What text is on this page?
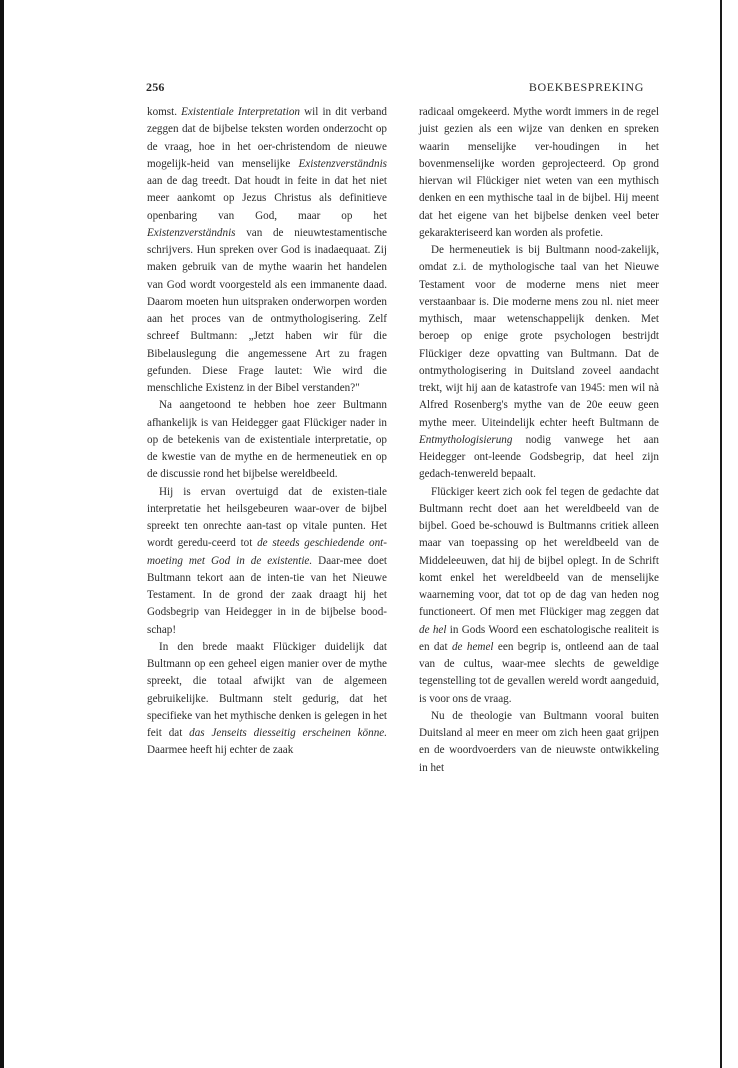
256	BOEKBESPREKING

komst. Existentiale Interpretation wil in dit verband zeggen dat de bijbelse teksten worden onderzocht op de vraag, hoe in het oer-christendom de nieuwe mogelijk-heid van menselijke Existenzverständnis aan de dag treedt. Dat houdt in feite in dat het niet meer aankomt op Jezus Christus als definitieve openbaring van God, maar op het Existenzverständnis van de nieuwtestamentische schrijvers. Hun spreken over God is inadaequaat. Zij maken gebruik van de mythe waarin het handelen van God wordt voorgesteld als een immanente daad. Daarom moeten hun uitspraken onderworpen worden aan het proces van de ontmythologisering. Zelf schreef Bultmann: „Jetzt haben wir für die Bibelauslegung die angemessene Art zu fragen gefunden. Diese Frage lautet: Wie wird die menschliche Existenz in der Bibel verstanden?"

Na aangetoond te hebben hoe zeer Bultmann afhankelijk is van Heidegger gaat Flückiger nader in op de betekenis van de existentiale interpretatie, op de kwestie van de mythe en de hermeneutiek en op de discussie rond het bijbelse wereldbeeld.

Hij is ervan overtuigd dat de existen-tiale interpretatie het heilsgebeuren waar-over de bijbel spreekt ten onrechte aan-tast op vitale punten. Het wordt geredu-ceerd tot de steeds geschiedende ont-moeting met God in de existentie. Daar-mee doet Bultmann tekort aan de inten-tie van het Nieuwe Testament. In de grond der zaak draagt hij het Godsbegrip van Heidegger in in de bijbelse bood-schap!

In den brede maakt Flückiger duidelijk dat Bultmann op een geheel eigen manier over de mythe spreekt, die totaal afwijkt van de algemeen gebruikelijke. Bultmann stelt gedurig, dat het specifieke van het mythische denken is gelegen in het feit dat das Jenseits diesseitig erscheinen könne. Daarmee heeft hij echter de zaak

radicaal omgekeerd. Mythe wordt immers in de regel juist gezien als een wijze van denken en spreken waarin menselijke ver-houdingen in het bovenmenselijke worden geprojecteerd. Op grond hiervan wil Flückiger niet weten van een mythisch denken en een mythische taal in de bijbel. Hij meent dat het eigene van het bijbelse denken veel beter gekarakteriseerd kan worden als profetie.

De hermeneutiek is bij Bultmann nood-zakelijk, omdat z.i. de mythologische taal van het Nieuwe Testament voor de moderne mens niet meer verstaanbaar is. Die moderne mens zou nl. niet meer mythisch, maar wetenschappelijk denken. Met beroep op enige grote psychologen bestrijdt Flückiger deze opvatting van Bultmann. Dat de ontmythologisering in Duitsland zoveel aandacht trekt, wijt hij aan de katastrofe van 1945: men wil nà Alfred Rosenberg's mythe van de 20e eeuw geen mythe meer. Uiteindelijk echter heeft Bultmann de Entmythologisierung nodig vanwege het aan Heidegger ont-leende Godsbegrip, dat heel zijn gedach-tenwereld bepaalt.

Flückiger keert zich ook fel tegen de gedachte dat Bultmann recht doet aan het wereldbeeld van de bijbel. Goed be-schouwd is Bultmanns critiek alleen maar van toepassing op het wereldbeeld van de Middeleeuwen, dat hij de bijbel oplegt. In de Schrift komt enkel het wereldbeeld van de menselijke waarneming voor, dat tot op de dag van heden nog functioneert. Of men met Flückiger mag zeggen dat de hel in Gods Woord een eschatologische realiteit is en dat de hemel een begrip is, ontleend aan de taal van de cultus, waar-mee slechts de geweldige tegenstelling tot de gevallen wereld wordt aangeduid, is voor ons de vraag.

Nu de theologie van Bultmann vooral buiten Duitsland al meer en meer om zich heen gaat grijpen en de woordvoerders van de nieuwste ontwikkeling in het
